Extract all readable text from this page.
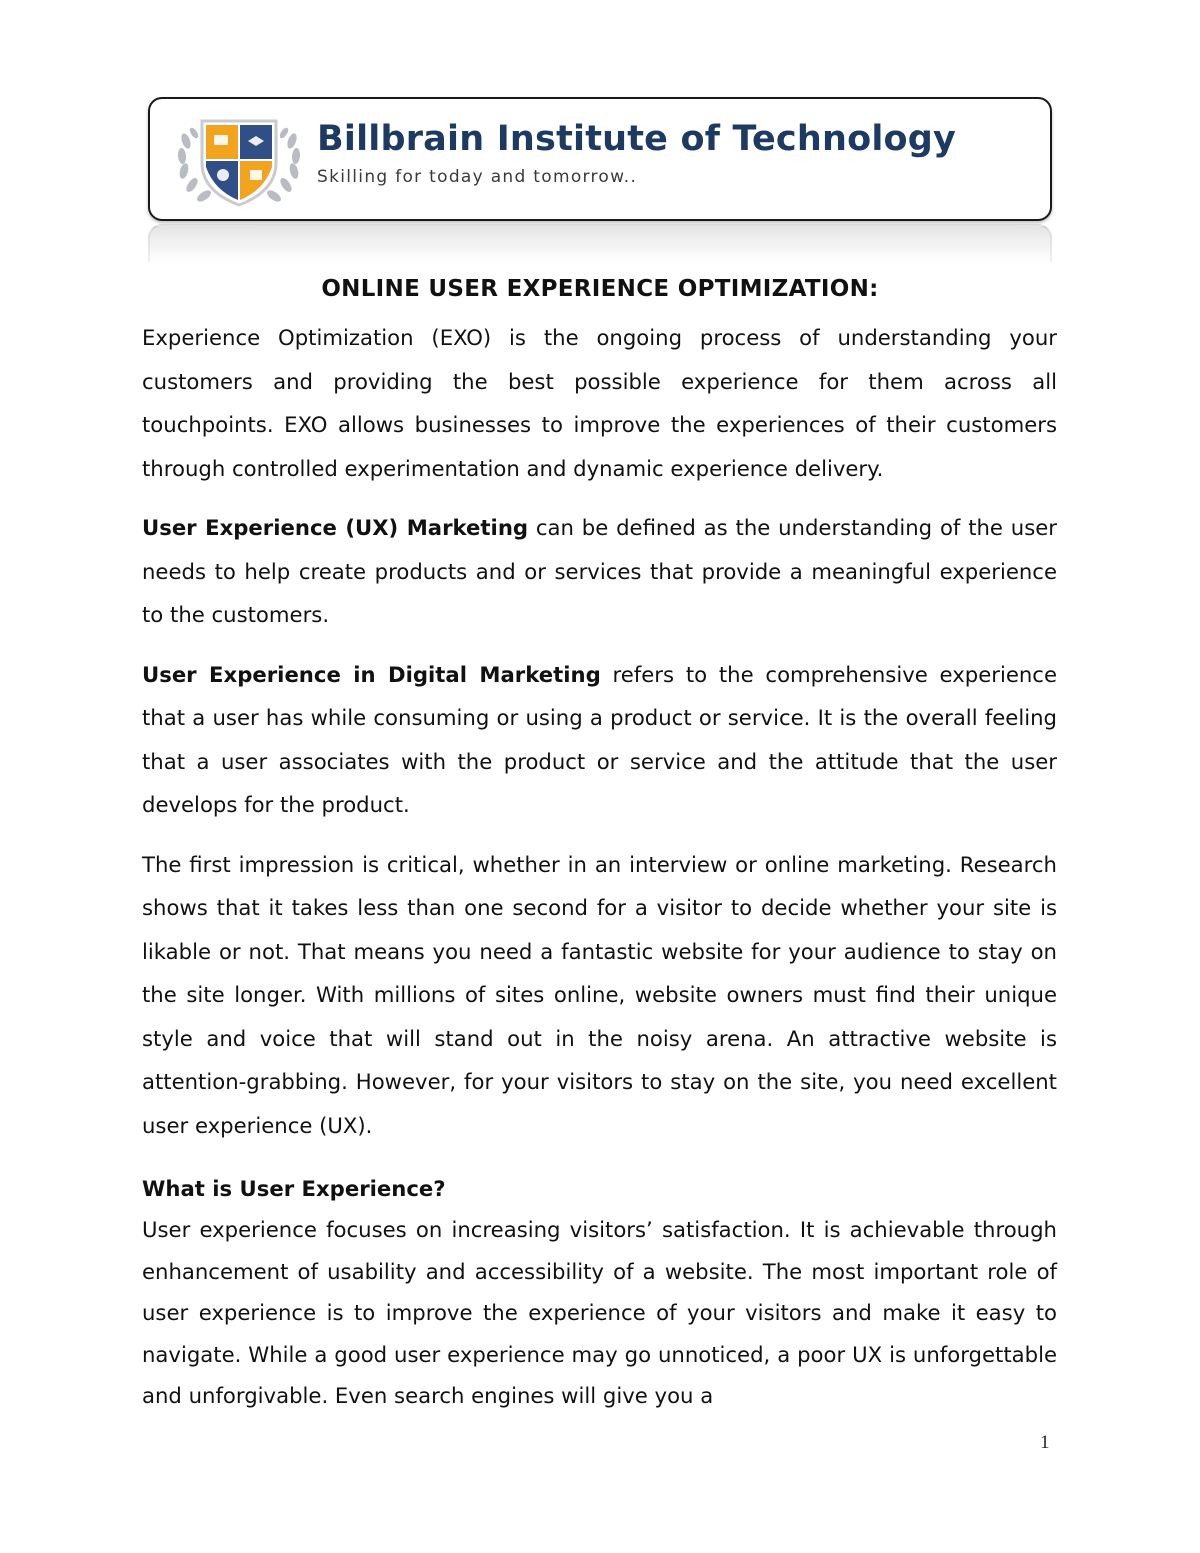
Billbrain Institute of Technology
Skilling for today and tomorrow..
ONLINE USER EXPERIENCE OPTIMIZATION:

Experience Optimization (EXO) is the ongoing process of understanding your customers and providing the best possible experience for them across all touchpoints. EXO allows businesses to improve the experiences of their customers through controlled experimentation and dynamic experience delivery.

User Experience (UX) Marketing can be defined as the understanding of the user needs to help create products and or services that provide a meaningful experience to the customers.

User Experience in Digital Marketing refers to the comprehensive experience that a user has while consuming or using a product or service. It is the overall feeling that a user associates with the product or service and the attitude that the user develops for the product.

The first impression is critical, whether in an interview or online marketing. Research shows that it takes less than one second for a visitor to decide whether your site is likable or not. That means you need a fantastic website for your audience to stay on the site longer. With millions of sites online, website owners must find their unique style and voice that will stand out in the noisy arena. An attractive website is attention-grabbing. However, for your visitors to stay on the site, you need excellent user experience (UX).

What is User Experience?

User experience focuses on increasing visitors’ satisfaction. It is achievable through enhancement of usability and accessibility of a website. The most important role of user experience is to improve the experience of your visitors and make it easy to navigate. While a good user experience may go unnoticed, a poor UX is unforgettable and unforgivable. Even search engines will give you a

1
